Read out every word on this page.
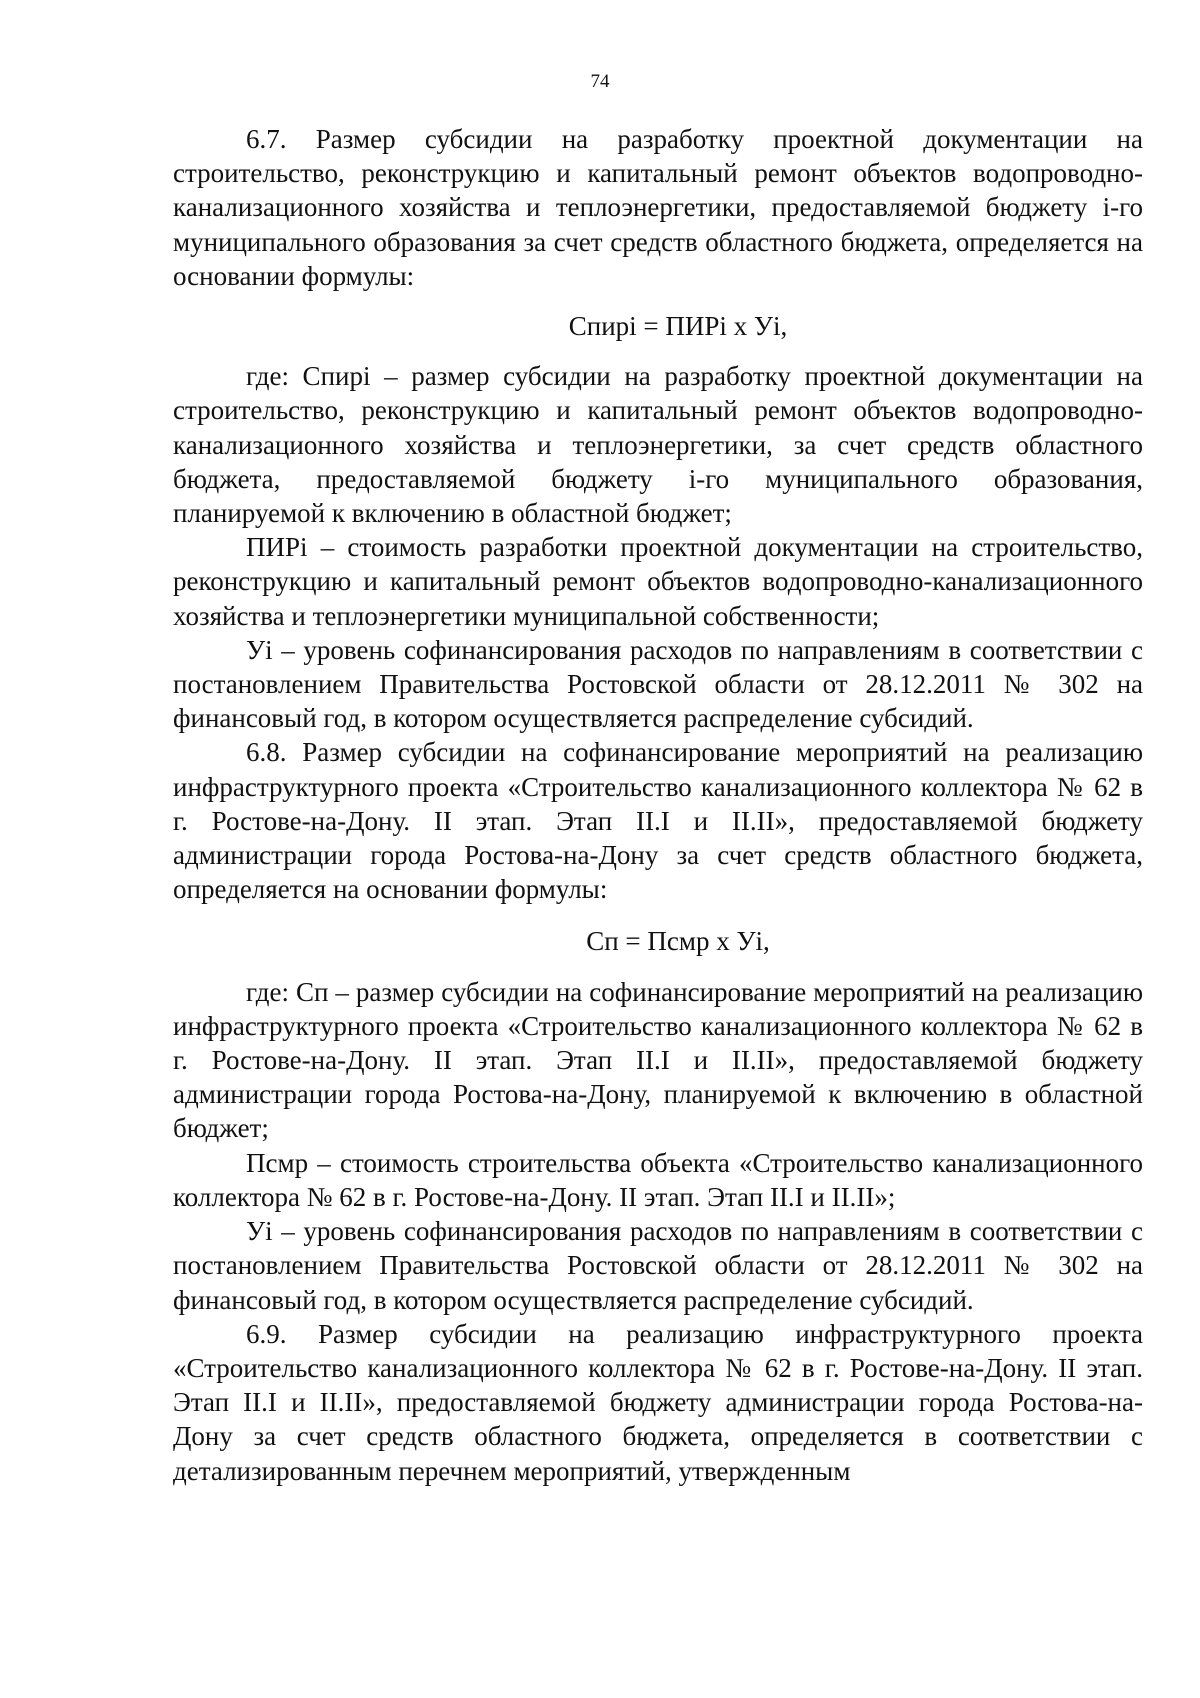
74

6.7. Размер субсидии на разработку проектной документации на строительство, реконструкцию и капитальный ремонт объектов водопроводно-канализационного хозяйства и теплоэнергетики, предоставляемой бюджету i-го муниципального образования за счет средств областного бюджета, определяется на основании формулы:

Спирi = ПИРi х Уi,

где: Спирi – размер субсидии на разработку проектной документации на строительство, реконструкцию и капитальный ремонт объектов водопроводно-канализационного хозяйства и теплоэнергетики, за счет средств областного бюджета, предоставляемой бюджету i-го муниципального образования, планируемой к включению в областной бюджет;

ПИРi – стоимость разработки проектной документации на строительство, реконструкцию и капитальный ремонт объектов водопроводно-канализационного хозяйства и теплоэнергетики муниципальной собственности;

Уi – уровень софинансирования расходов по направлениям в соответствии с постановлением Правительства Ростовской области от 28.12.2011 № 302 на финансовый год, в котором осуществляется распределение субсидий.

6.8. Размер субсидии на софинансирование мероприятий на реализацию инфраструктурного проекта «Строительство канализационного коллектора № 62 в г. Ростове-на-Дону. II этап. Этап II.I и II.II», предоставляемой бюджету администрации города Ростова-на-Дону за счет средств областного бюджета, определяется на основании формулы:

Сп = Псмр х Уi,

где: Сп – размер субсидии на софинансирование мероприятий на реализацию инфраструктурного проекта «Строительство канализационного коллектора № 62 в г. Ростове-на-Дону. II этап. Этап II.I и II.II», предоставляемой бюджету администрации города Ростова-на-Дону, планируемой к включению в областной бюджет;

Псмр – стоимость строительства объекта «Строительство канализационного коллектора № 62 в г. Ростове-на-Дону. II этап. Этап II.I и II.II»;

Уi – уровень софинансирования расходов по направлениям в соответствии с постановлением Правительства Ростовской области от 28.12.2011 № 302 на финансовый год, в котором осуществляется распределение субсидий.

6.9. Размер субсидии на реализацию инфраструктурного проекта «Строительство канализационного коллектора № 62 в г. Ростове-на-Дону. II этап. Этап II.I и II.II», предоставляемой бюджету администрации города Ростова-на-Дону за счет средств областного бюджета, определяется в соответствии с детализированным перечнем мероприятий, утвержденным
